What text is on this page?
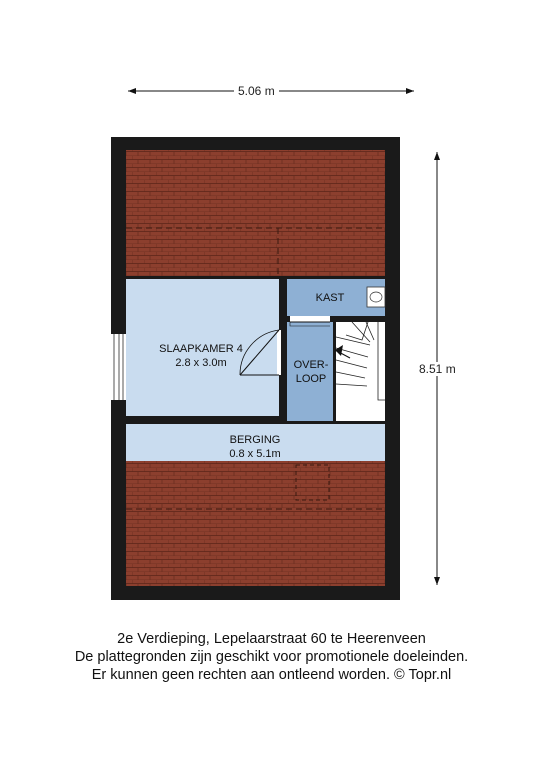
5.06 m
8.51 m
SLAAPKAMER 4
2.8 x 3.0m
KAST
OVER-
LOOP
BERGING
0.8 x 5.1m
2e Verdieping, Lepelaarstraat 60 te Heerenveen
De plattegronden zijn geschikt voor promotionele doeleinden.
Er kunnen geen rechten aan ontleend worden. © Topr.nl
